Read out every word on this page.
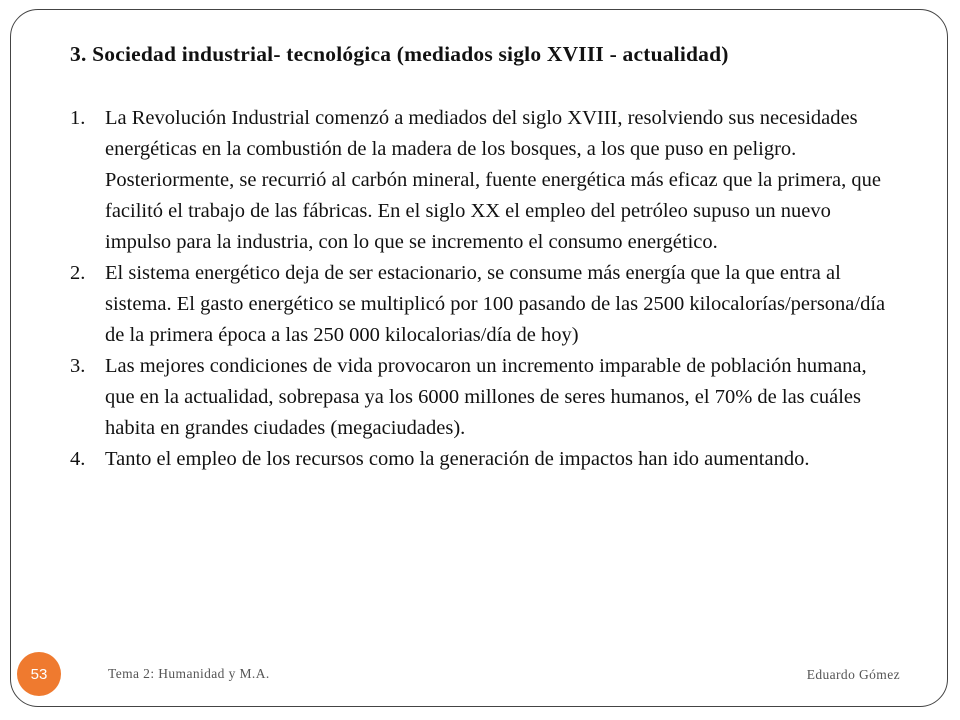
3. Sociedad industrial- tecnológica (mediados siglo XVIII - actualidad)
1. La Revolución Industrial comenzó a mediados del siglo XVIII, resolviendo sus necesidades energéticas en la combustión de la madera de los bosques, a los que puso en peligro. Posteriormente, se recurrió al carbón mineral, fuente energética más eficaz que la primera, que facilitó el trabajo de las fábricas. En el siglo XX el empleo del petróleo supuso un nuevo impulso para la industria, con lo que se incremento el consumo energético.
2. El sistema energético deja de ser estacionario, se consume más energía que la que entra al sistema. El gasto energético se multiplicó por 100 pasando de las 2500 kilocalorías/persona/día de la primera época a las 250 000 kilocalorias/día de hoy)
3. Las mejores condiciones de vida provocaron un incremento imparable de población humana, que en la actualidad, sobrepasa ya los 6000 millones de seres humanos, el 70% de las cuáles habita en grandes ciudades (megaciudades).
4. Tanto el empleo de los recursos como la generación de impactos han ido aumentando.
53	Tema 2: Humanidad y M.A.	Eduardo Gómez
